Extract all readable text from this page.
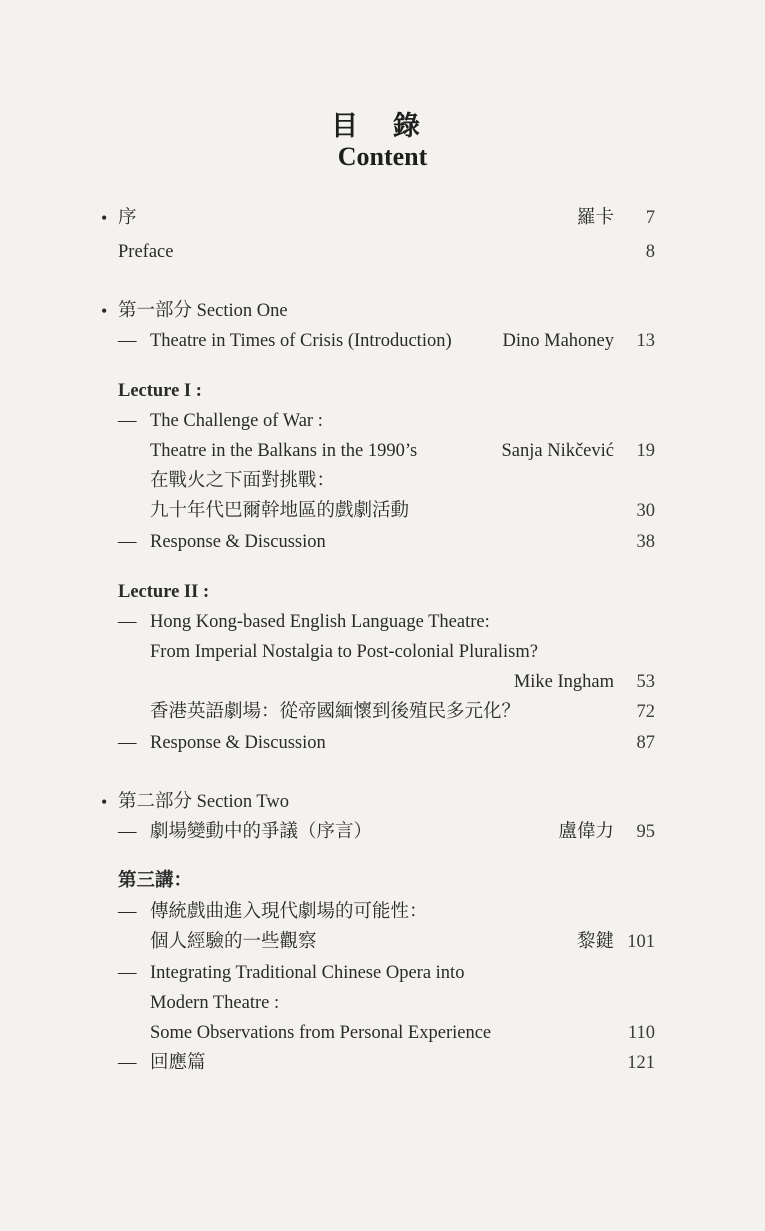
目 錄
Content
• 序	羅卡 7
Preface	8
• 第一部分 Section One
— Theatre in Times of Crisis (Introduction)	Dino Mahoney 13
Lecture I :
— The Challenge of War :
Theatre in the Balkans in the 1990’s	Sanja Nikčević 19
在戰火之下面對挑戰：
九十年代巴爾幹地區的戲劇活動	30
— Response & Discussion	38
Lecture II :
— Hong Kong-based English Language Theatre:
From Imperial Nostalgia to Post-colonial Pluralism?
Mike Ingham 53
香港英語劇場：從帝國緬懷到後殖民多元化？	72
— Response & Discussion	87
• 第二部分 Section Two
— 劇場變動中的爭議（序言）	盧偉力 95
第三講：
— 傳統戲曲進入現代劇場的可能性：
個人經驗的一些觀察	黎鍵 101
— Integrating Traditional Chinese Opera into
Modern Theatre :
Some Observations from Personal Experience	110
— 回應篇	121
